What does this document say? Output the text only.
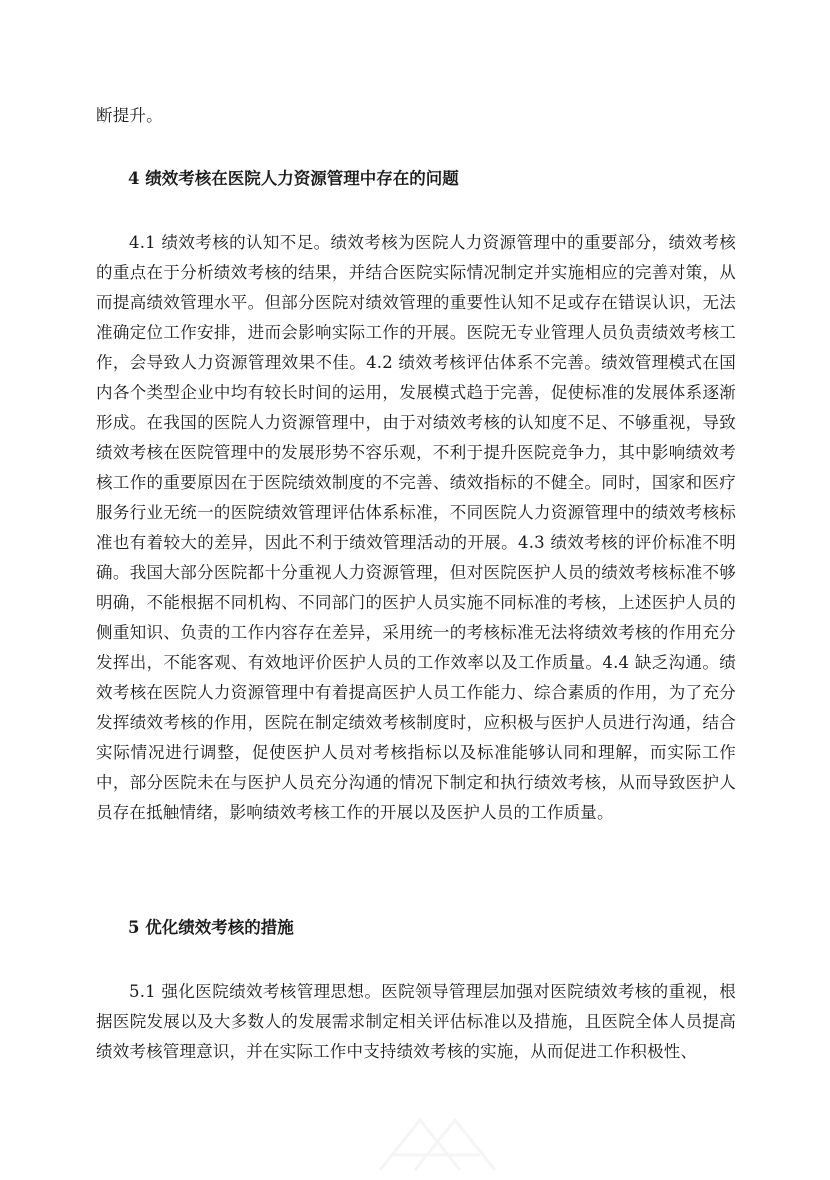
断提升。

4 绩效考核在医院人力资源管理中存在的问题

4.1 绩效考核的认知不足。绩效考核为医院人力资源管理中的重要部分，绩效考核的重点在于分析绩效考核的结果，并结合医院实际情况制定并实施相应的完善对策，从而提高绩效管理水平。但部分医院对绩效管理的重要性认知不足或存在错误认识，无法准确定位工作安排，进而会影响实际工作的开展。医院无专业管理人员负责绩效考核工作，会导致人力资源管理效果不佳。4.2 绩效考核评估体系不完善。绩效管理模式在国内各个类型企业中均有较长时间的运用，发展模式趋于完善，促使标准的发展体系逐渐形成。在我国的医院人力资源管理中，由于对绩效考核的认知度不足、不够重视，导致绩效考核在医院管理中的发展形势不容乐观，不利于提升医院竞争力，其中影响绩效考核工作的重要原因在于医院绩效制度的不完善、绩效指标的不健全。同时，国家和医疗服务行业无统一的医院绩效管理评估体系标准，不同医院人力资源管理中的绩效考核标准也有着较大的差异，因此不利于绩效管理活动的开展。4.3 绩效考核的评价标准不明确。我国大部分医院都十分重视人力资源管理，但对医院医护人员的绩效考核标准不够明确，不能根据不同机构、不同部门的医护人员实施不同标准的考核，上述医护人员的侧重知识、负责的工作内容存在差异，采用统一的考核标准无法将绩效考核的作用充分发挥出，不能客观、有效地评价医护人员的工作效率以及工作质量。4.4 缺乏沟通。绩效考核在医院人力资源管理中有着提高医护人员工作能力、综合素质的作用，为了充分发挥绩效考核的作用，医院在制定绩效考核制度时，应积极与医护人员进行沟通，结合实际情况进行调整，促使医护人员对考核指标以及标准能够认同和理解，而实际工作中，部分医院未在与医护人员充分沟通的情况下制定和执行绩效考核，从而导致医护人员存在抵触情绪，影响绩效考核工作的开展以及医护人员的工作质量。

5 优化绩效考核的措施

5.1 强化医院绩效考核管理思想。医院领导管理层加强对医院绩效考核的重视，根据医院发展以及大多数人的发展需求制定相关评估标准以及措施，且医院全体人员提高绩效考核管理意识，并在实际工作中支持绩效考核的实施，从而促进工作积极性、
